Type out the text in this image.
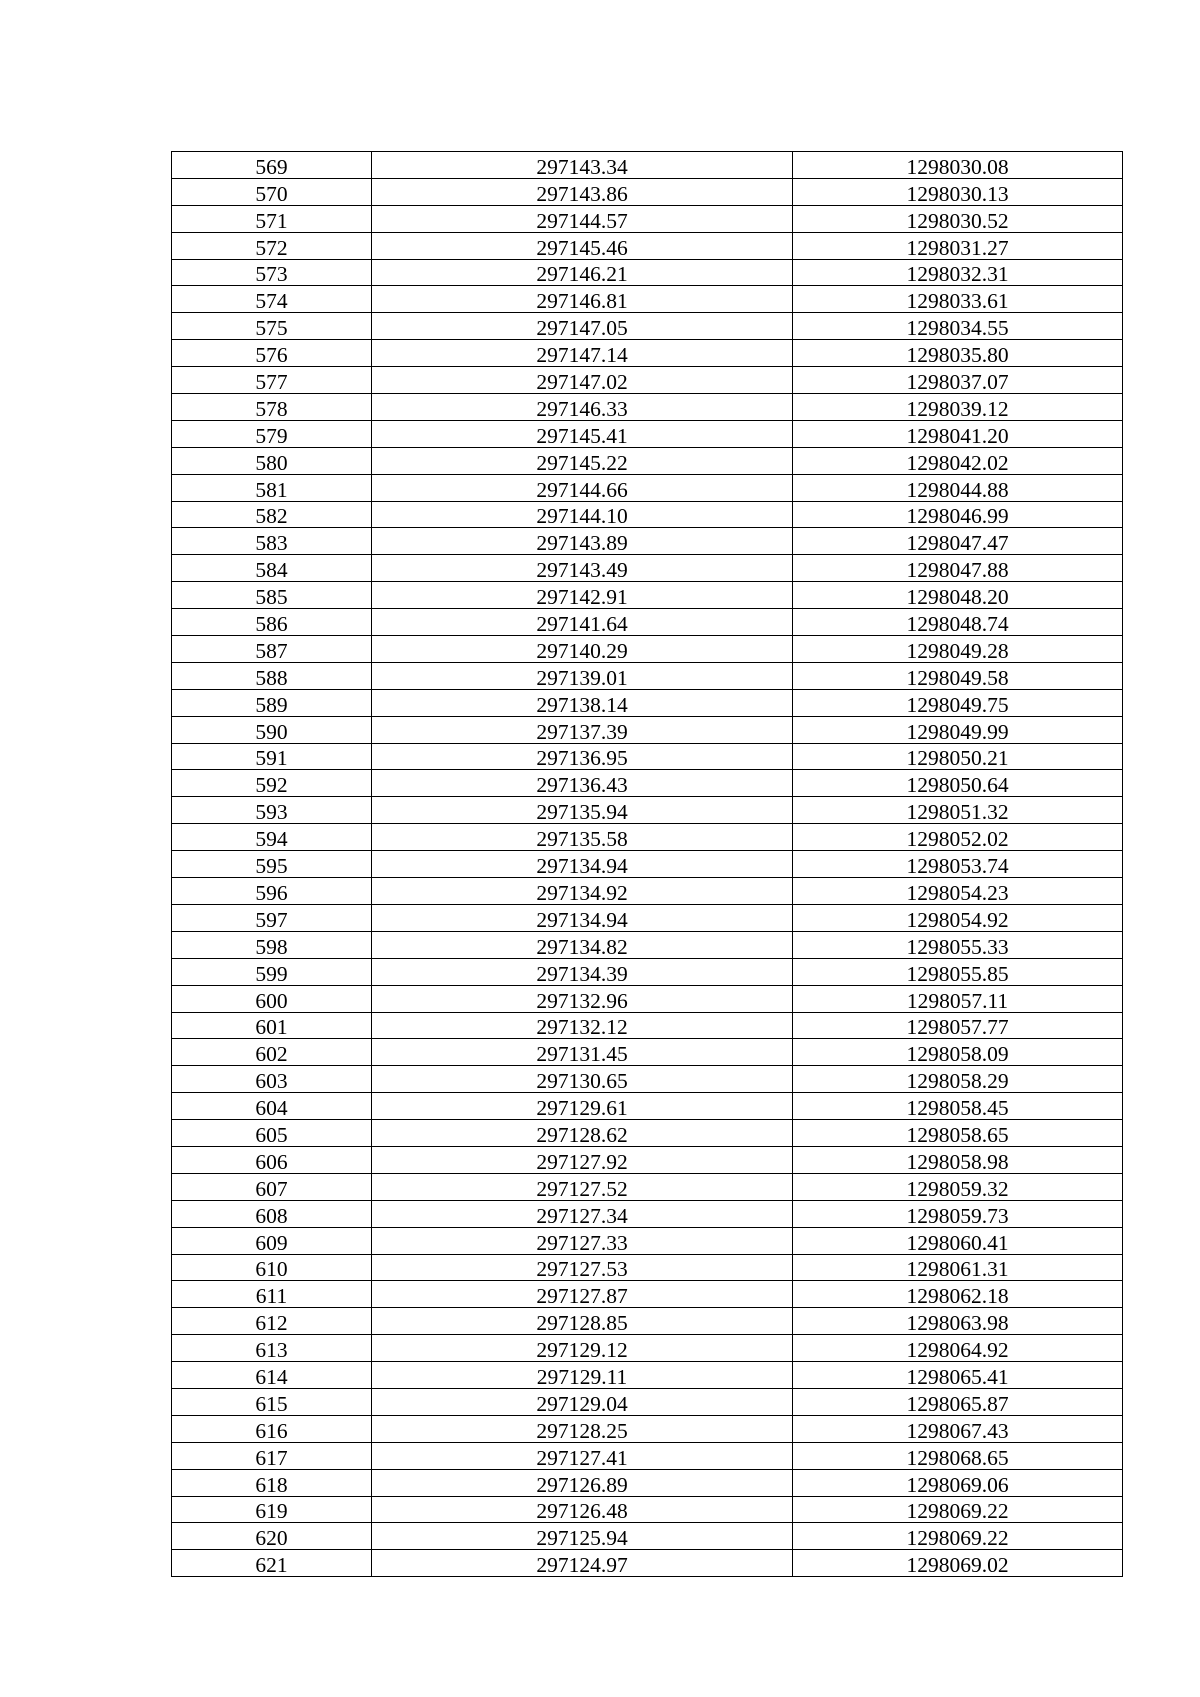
569	297143.34	1298030.08
570	297143.86	1298030.13
571	297144.57	1298030.52
572	297145.46	1298031.27
573	297146.21	1298032.31
574	297146.81	1298033.61
575	297147.05	1298034.55
576	297147.14	1298035.80
577	297147.02	1298037.07
578	297146.33	1298039.12
579	297145.41	1298041.20
580	297145.22	1298042.02
581	297144.66	1298044.88
582	297144.10	1298046.99
583	297143.89	1298047.47
584	297143.49	1298047.88
585	297142.91	1298048.20
586	297141.64	1298048.74
587	297140.29	1298049.28
588	297139.01	1298049.58
589	297138.14	1298049.75
590	297137.39	1298049.99
591	297136.95	1298050.21
592	297136.43	1298050.64
593	297135.94	1298051.32
594	297135.58	1298052.02
595	297134.94	1298053.74
596	297134.92	1298054.23
597	297134.94	1298054.92
598	297134.82	1298055.33
599	297134.39	1298055.85
600	297132.96	1298057.11
601	297132.12	1298057.77
602	297131.45	1298058.09
603	297130.65	1298058.29
604	297129.61	1298058.45
605	297128.62	1298058.65
606	297127.92	1298058.98
607	297127.52	1298059.32
608	297127.34	1298059.73
609	297127.33	1298060.41
610	297127.53	1298061.31
611	297127.87	1298062.18
612	297128.85	1298063.98
613	297129.12	1298064.92
614	297129.11	1298065.41
615	297129.04	1298065.87
616	297128.25	1298067.43
617	297127.41	1298068.65
618	297126.89	1298069.06
619	297126.48	1298069.22
620	297125.94	1298069.22
621	297124.97	1298069.02
